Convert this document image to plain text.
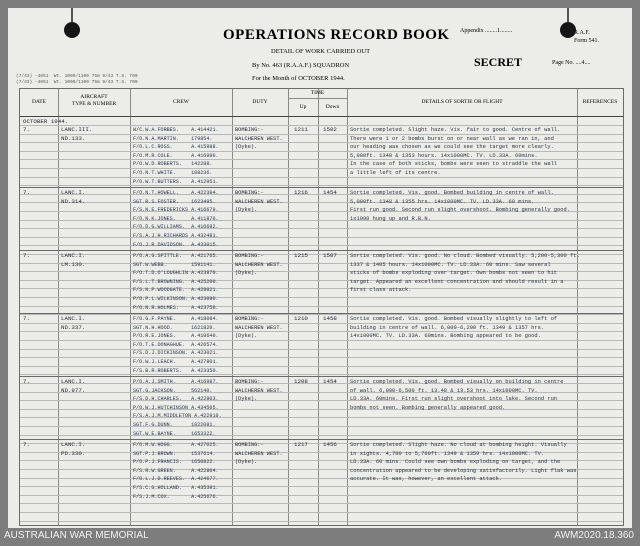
OPERATIONS RECORD BOOK
DETAIL OF WORK CARRIED OUT
By No. 463 (R.A.A.F.) SQUADRON
For the Month of OCTOBER 1944.
SECRET
Appendix ........1........	R.A.F.
Form 541.
Page No. ....4....
(7/43) -4851  Wt. 1000/1100 75m 9/43 T.S. 700
(7/43) -4851  Wt. 1000/1100 75m 9/43 T.S. 700
DATE
AIRCRAFT
TYPE & NUMBER	CREW	DUTY
TIME
Up	Down
DETAILS OF SORTIE OR FLIGHT	REFERENCES
OCTOBER 1944.
7.	LANC.III.
ND.133.
W/C.W.A.FORBES.    A.414421.
F/O.N.A.MARTIN.    179854.
F/O.L.C.ROSS.      A.415988.
F/O.M.R.COLE.      A.416990.
P/O.W.D.ROBERTS.   142288.
F/O.N.T.WHITE.     188236.
P/O.W.T.BUTTERS.   A.412951.
BOMBING:-
WALCHEREN WEST.
(Dyke).
1211	1502 Sortie completed. Slight haze. Vis. fair to good. Centre of wall.
There were 1 or 2 bombs burst on or near wall as we ran in, and
our heading was chosen as we could see the target more clearly.
5,000ft. 1348 & 1353 hours. 14x1000MC. TV. LD.33A. 60mins.
In the case of both sticks, bombs were seen to straddle the wall
a little left of its centre.
7.	LANC.I.
ND.314.
F/O.N.T.HOWELL.    A.422394.
SGT.R.S.FOSTER.    1623495.
F/S.N.E.FREDERICKS A.416679.
F/O.N.K.JONES.     A.411870.
F/O.D.G.WILLIAMS.  A.416682.
F/S.A.J.H.RICHARDS A.432481.
F/O.J.R.DAVIDSON.  A.433015.
BOMBING:-
WALCHEREN WEST.
(Dyke).
1216	1454 Sortie completed. Vis. good. Bombed building in centre of wall.
5,000ft. 1348 & 1355 hrs. 14x1000MC. TV. LD.33A. 60 mins.
First run good. Second run slight overshoot. Bombing generally good.
1x1000 hung up and R.B.N.
7.	LANC.I.
LM.130.
P/O.A.G.SPITTLE.   A.421765.
SGT.W.WEBB.        1591141.
F/O.T.D.O'LOUGHLIN A.423870.
F/S.L.T.BROWNING.  A.425200.
F/S.N.P.WOODGATE.  A.428021.
P/O.P.L.WILKINSON. A.423090.
P/O.N.R.HOLMES.    A.423750.
BOMBING:-
WALCHEREN WEST.
(Dyke).
1215	1507 Sortie completed. Vis. good. No cloud. Bombed visually. 5,200-5,300 ft.
1337 & 1405 hours. 14x1000MC. TV. LD.33A. 60 mins. Saw several
sticks of bombs exploding over target. Own bombs not seen to hit
target. Appeared an excellent concentration and should result in a
first class attack.
7.	LANC.I.
ND.337.
F/O.G.F.PAYNE.     A.418084.
SGT.N.H.HOOD.      1621820.
P/O.R.E.JONES.     A.410640.
F/O.T.E.DONAGHUE.  A.426574.
F/S.D.J.DICKINSON. A.423021.
F/O.W.J.LEACH.     A.427801.
F/S.B.R.ROBERTS.   A.423350.
BOMBING:-
WALCHEREN WEST.
(Dyke).
1210	1458 Sortie completed. Vis. good. Bombed visually slightly to left of
building in centre of wall. 6,000-6,200 ft. 1349 & 1357 hrs.
14x1000MC. TV. LD.33A. 60mins. Bombing appeared to be good.
7.	LANC.I.
ND.977.
P/O.A.J.SMITH.     A.416987.
SGT.G.JACKSON.     562140.
F/S.D.H.CHARLES.   A.422803.
P/O.W.J.HUTCHINSON A.434505.
F/S.A.J.M.MIDDLETON A.422910.
SGT.F.G.DUNN.      1822081.
SGT.W.E.BAYNE.     1653322.
BOMBING:-
WALCHEREN WEST.
(Dyke).
1208	1454 Sortie completed. Vis. good. Bombed visually on building in centre
of wall. 6,000-6,500 ft. 13.48 & 13.53 hrs. 14x1000MC. TV.
LD.33A. 60mins. First run slight overshoot into lake. Second run
bombs not seen. Bombing generally appeared good.
7.	LANC.I.
PD.330.
F/O.M.W.HOGG.      A.427025.
SGT.P.J.BROWN.     1537614.
P/O.P.J.FRANCIS.   1650822.
F/S.R.W.GREEN.     A.422804.
F/O.L.J.D.REEVES.  A.424677.
F/S.C.G.HOLLAND.   A.435391.
F/S.J.M.COX.       A.425676.
BOMBING:-
WALCHEREN WEST.
(Dyke).
1217	1456 Sortie completed. Slight haze. No cloud at bombing height. Visually
in sights. 4,700 to 5,700ft. 1349 & 1359 hrs. 14x1000MC. TV.
LD.33A. 60 mins. Could see own bombs exploding on target, and the
concentration appeared to be developing satisfactorily. Light flak was
accurate. It was, however, an excellent attack.
AUSTRALIAN WAR MEMORIAL	AWM2020.18.360
